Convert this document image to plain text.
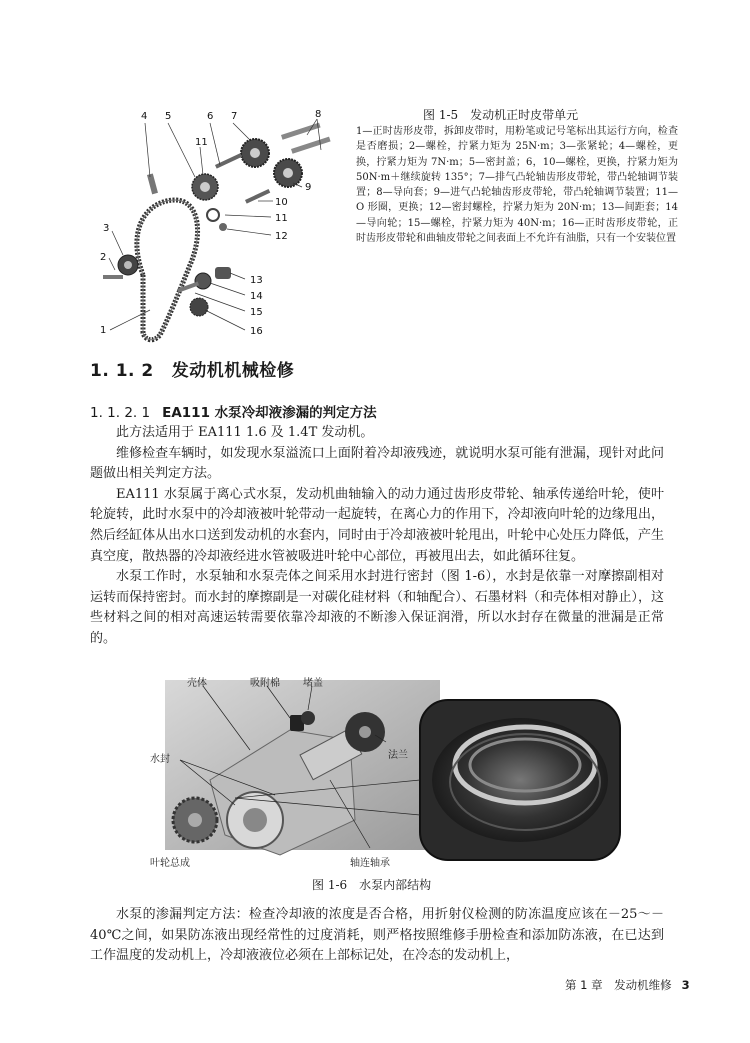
4 5	6 7	8
11
9
10
11
12
3
2
13
14
15
16
1
图 1-5　发动机正时皮带单元
1—正时齿形皮带，拆卸皮带时，用粉笔或记号笔标出其运行方向，检查是否磨损；2—螺栓，拧紧力矩为 25N·m；3—张紧轮；4—螺栓，更换，拧紧力矩为 7N·m；5—密封盖；6，10—螺栓，更换，拧紧力矩为 50N·m＋继续旋转 135°；7—排气凸轮轴齿形皮带轮，带凸轮轴调节装置；8—导向套；9—进气凸轮轴齿形皮带轮，带凸轮轴调节装置；11—O 形圈，更换；12—密封螺栓，拧紧力矩为 20N·m；13—间距套；14—导向轮；15—螺栓，拧紧力矩为 40N·m；16—正时齿形皮带轮，正时齿形皮带轮和曲轴皮带轮之间表面上不允许有油脂，只有一个安装位置
1. 1. 2 发动机机械检修
1. 1. 2. 1 EA111 水泵冷却液渗漏的判定方法

此方法适用于 EA111 1.6 及 1.4T 发动机。

维修检查车辆时，如发现水泵溢流口上面附着冷却液残迹，就说明水泵可能有泄漏，现针对此问题做出相关判定方法。

EA111 水泵属于离心式水泵，发动机曲轴输入的动力通过齿形皮带轮、轴承传递给叶轮，使叶轮旋转，此时水泵中的冷却液被叶轮带动一起旋转，在离心力的作用下，冷却液向叶轮的边缘甩出，然后经缸体从出水口送到发动机的水套内，同时由于冷却液被叶轮甩出，叶轮中心处压力降低，产生真空度，散热器的冷却液经进水管被吸进叶轮中心部位，再被甩出去，如此循环往复。

水泵工作时，水泵轴和水泵壳体之间采用水封进行密封（图 1-6），水封是依靠一对摩擦副相对运转而保持密封。而水封的摩擦副是一对碳化硅材料（和轴配合）、石墨材料（和壳体相对静止），这些材料之间的相对高速运转需要依靠冷却液的不断渗入保证润滑，所以水封存在微量的泄漏是正常的。

壳体	吸附棉 堵盖
法兰
水封
叶轮总成	轴连轴承
图 1-6　水泵内部结构

水泵的渗漏判定方法：检查冷却液的浓度是否合格，用折射仪检测的防冻温度应该在－25～－40℃之间，如果防冻液出现经常性的过度消耗，则严格按照维修手册检查和添加防冻液，在已达到工作温度的发动机上，冷却液液位必须在上部标记处，在冷态的发动机上，

第 1 章　发动机维修 3
